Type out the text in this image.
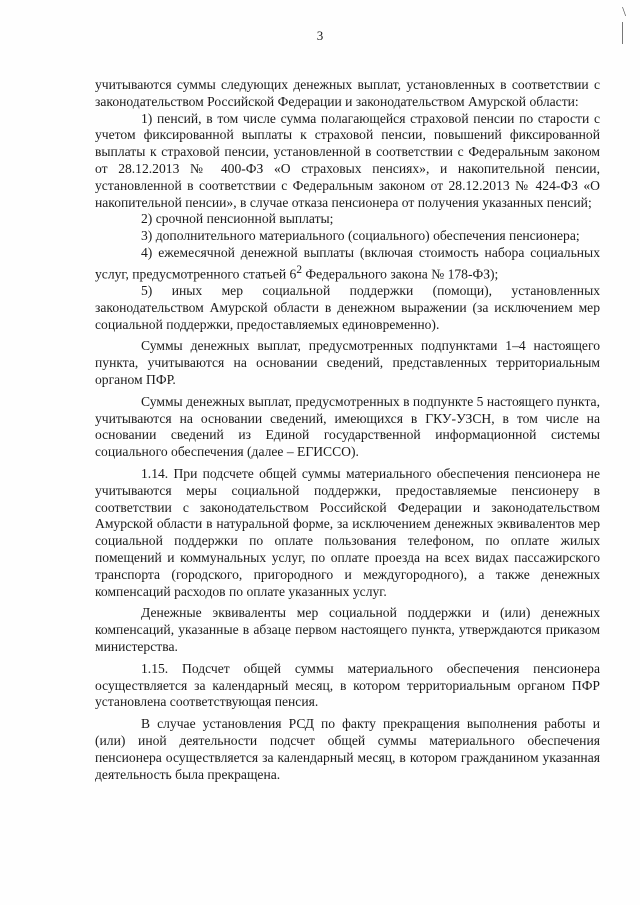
\
3

учитываются суммы следующих денежных выплат, установленных в соответствии с законодательством Российской Федерации и законодательством Амурской области:

1) пенсий, в том числе сумма полагающейся страховой пенсии по старости с учетом фиксированной выплаты к страховой пенсии, повышений фиксированной выплаты к страховой пенсии, установленной в соответствии с Федеральным законом от 28.12.2013 № 400-ФЗ «О страховых пенсиях», и накопительной пенсии, установленной в соответствии с Федеральным законом от 28.12.2013 № 424-ФЗ «О накопительной пенсии», в случае отказа пенсионера от получения указанных пенсий;

2) срочной пенсионной выплаты;

3) дополнительного материального (социального) обеспечения пенсионера;

4) ежемесячной денежной выплаты (включая стоимость набора социальных услуг, предусмотренного статьей $6^2$ Федерального закона № 178-ФЗ);

5) иных мер социальной поддержки (помощи), установленных законодательством Амурской области в денежном выражении (за исключением мер социальной поддержки, предоставляемых единовременно).

Суммы денежных выплат, предусмотренных подпунктами 1–4 настоящего пункта, учитываются на основании сведений, представленных территориальным органом ПФР.

Суммы денежных выплат, предусмотренных в подпункте 5 настоящего пункта, учитываются на основании сведений, имеющихся в ГКУ-УЗСН, в том числе на основании сведений из Единой государственной информационной системы социального обеспечения (далее – ЕГИССО).

1.14. При подсчете общей суммы материального обеспечения пенсионера не учитываются меры социальной поддержки, предоставляемые пенсионеру в соответствии с законодательством Российской Федерации и законодательством Амурской области в натуральной форме, за исключением денежных эквивалентов мер социальной поддержки по оплате пользования телефоном, по оплате жилых помещений и коммунальных услуг, по оплате проезда на всех видах пассажирского транспорта (городского, пригородного и междугородного), а также денежных компенсаций расходов по оплате указанных услуг.

Денежные эквиваленты мер социальной поддержки и (или) денежных компенсаций, указанные в абзаце первом настоящего пункта, утверждаются приказом министерства.

1.15. Подсчет общей суммы материального обеспечения пенсионера осуществляется за календарный месяц, в котором территориальным органом ПФР установлена соответствующая пенсия.

В случае установления РСД по факту прекращения выполнения работы и (или) иной деятельности подсчет общей суммы материального обеспечения пенсионера осуществляется за календарный месяц, в котором гражданином указанная деятельность была прекращена.
